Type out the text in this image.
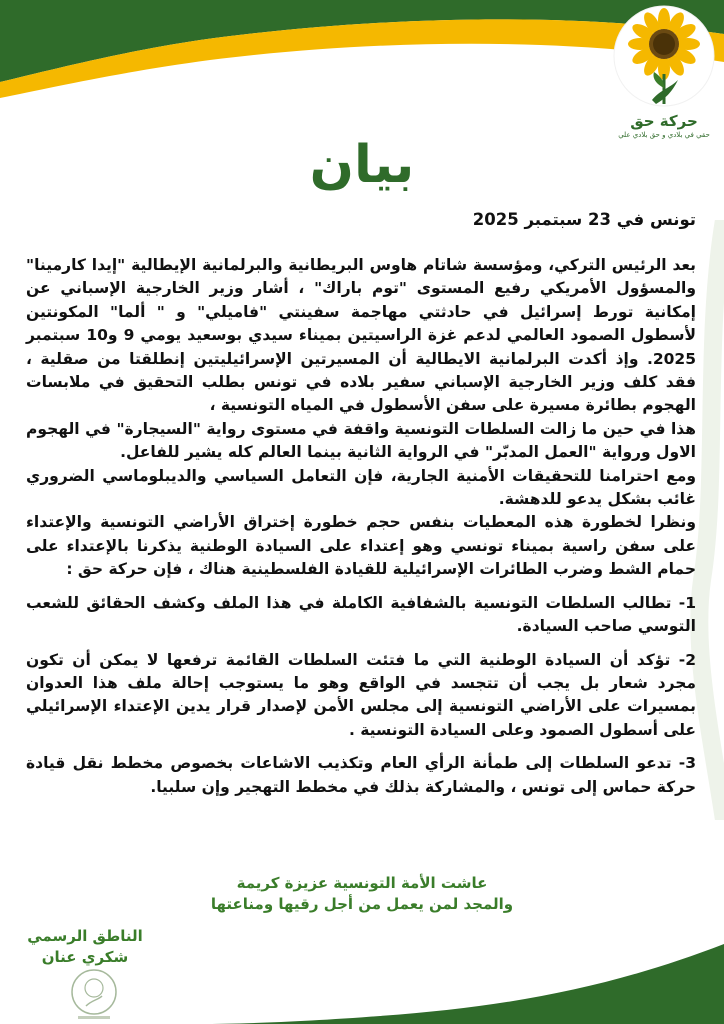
حركة حق
حقي في بلادي و حق بلادي علي
بيان
تونس في 23 سبتمبر 2025

بعد الرئيس التركي، ومؤسسة شاتام هاوس البريطانية والبرلمانية الإيطالية "إيدا كارمينا" والمسؤول الأمريكي رفيع المستوى "توم باراك" ، أشار وزير الخارجية الإسباني عن إمكانية تورط إسرائيل في حادثتي مهاجمة سفينتي "فاميلي" و " ألما" المكونتين لأسطول الصمود العالمي لدعم غزة الراسيتين بميناء سيدي بوسعيد يومي 9 و10 سبتمبر 2025. وإذ أكدت البرلمانية الايطالية أن المسيرتين الإسرائيليتين إنطلقتا من صقلية ، فقد كلف وزير الخارجية الإسباني سفير بلاده في تونس بطلب التحقيق في ملابسات الهجوم بطائرة مسيرة على سفن الأسطول في المياه التونسية ،

هذا في حين ما زالت السلطات التونسية واقفة في مستوى رواية "السيجارة" في الهجوم الاول ورواية "العمل المدبّر" في الرواية الثانية بينما العالم كله يشير للفاعل.

ومع احترامنا للتحقيقات الأمنية الجارية، فإن التعامل السياسي والديبلوماسي الضروري غائب بشكل يدعو للدهشة.

ونظرا لخطورة هذه المعطيات بنفس حجم خطورة إختراق الأراضي التونسية والإعتداء على سفن راسية بميناء تونسي وهو إعتداء على السيادة الوطنية يذكرنا بالإعتداء على حمام الشط وضرب الطائرات الإسرائيلية للقيادة الفلسطينية هناك ، فإن حركة حق :

1- تطالب السلطات التونسية بالشفافية الكاملة في هذا الملف وكشف الحقائق للشعب التوسي صاحب السيادة.

2- تؤكد أن السيادة الوطنية التي ما فتئت السلطات القائمة ترفعها لا يمكن أن تكون مجرد شعار بل يجب أن تتجسد في الواقع وهو ما يستوجب إحالة ملف هذا العدوان بمسيرات على الأراضي التونسية إلى مجلس الأمن لإصدار قرار يدين الإعتداء الإسرائيلي على أسطول الصمود وعلى السيادة التونسية .

3- تدعو السلطات إلى طمأنة الرأي العام وتكذيب الاشاعات بخصوص مخطط نقل قيادة حركة حماس إلى تونس ، والمشاركة بذلك في مخطط التهجير وإن سلبيا.

عاشت الأمة التونسية عزيزة كريمة
والمجد لمن يعمل من أجل رقيها ومناعتها
الناطق الرسمي
شكري عنان
